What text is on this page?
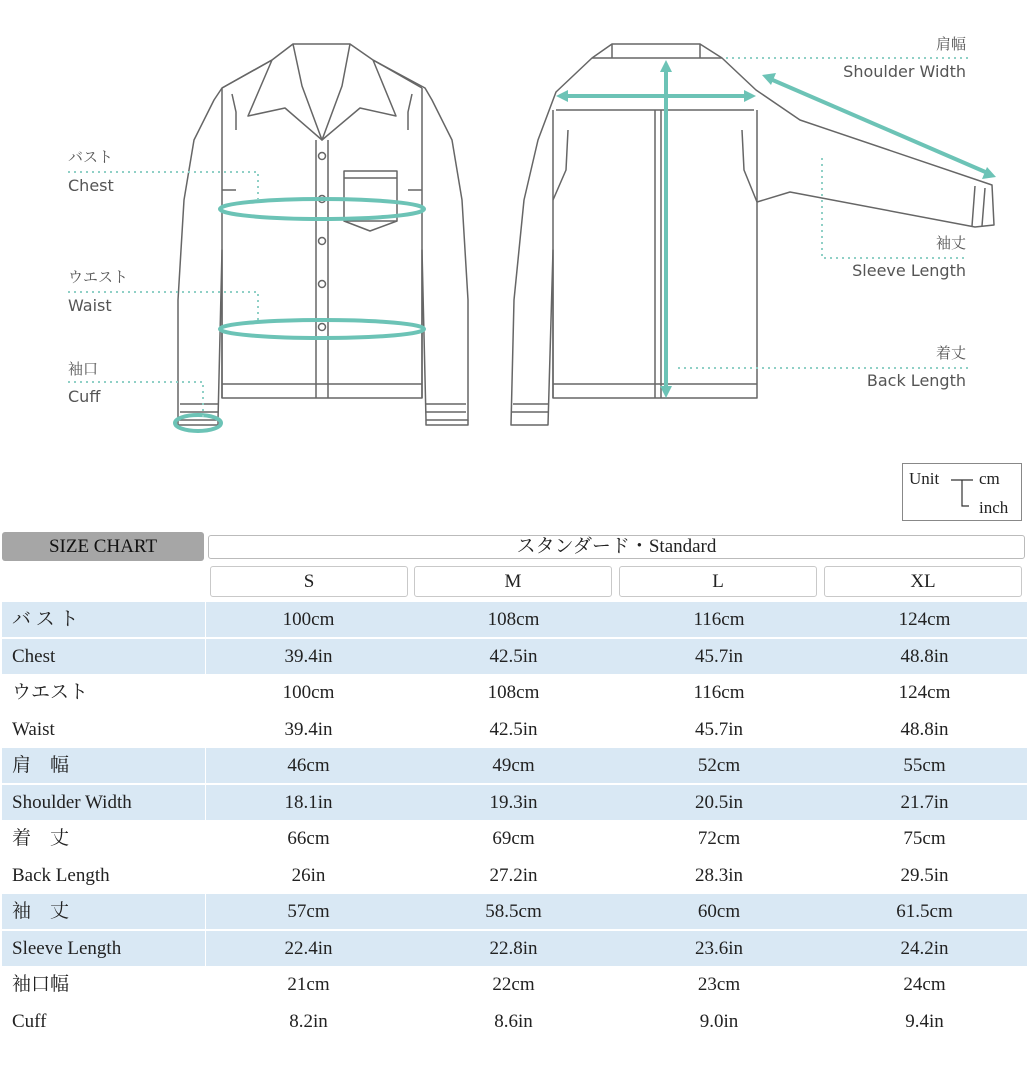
バスト
Chest
ウエスト
Waist
袖口
Cuff
肩幅
Shoulder Width
袖丈
Sleeve Length
着丈
Back Length
Unit cm
inch
SIZE CHART	スタンダード・Standard
S	M	L	XL
バ ス ト	100cm	108cm	116cm	124cm
Chest	39.4in	42.5in	45.7in	48.8in
ウエスト	100cm	108cm	116cm	124cm
Waist	39.4in	42.5in	45.7in	48.8in
肩　幅	46cm	49cm	52cm	55cm
Shoulder Width	18.1in	19.3in	20.5in	21.7in
着　丈	66cm	69cm	72cm	75cm
Back Length	26in	27.2in	28.3in	29.5in
袖　丈	57cm	58.5cm	60cm	61.5cm
Sleeve Length	22.4in	22.8in	23.6in	24.2in
袖口幅	21cm	22cm	23cm	24cm
Cuff	8.2in	8.6in	9.0in	9.4in
